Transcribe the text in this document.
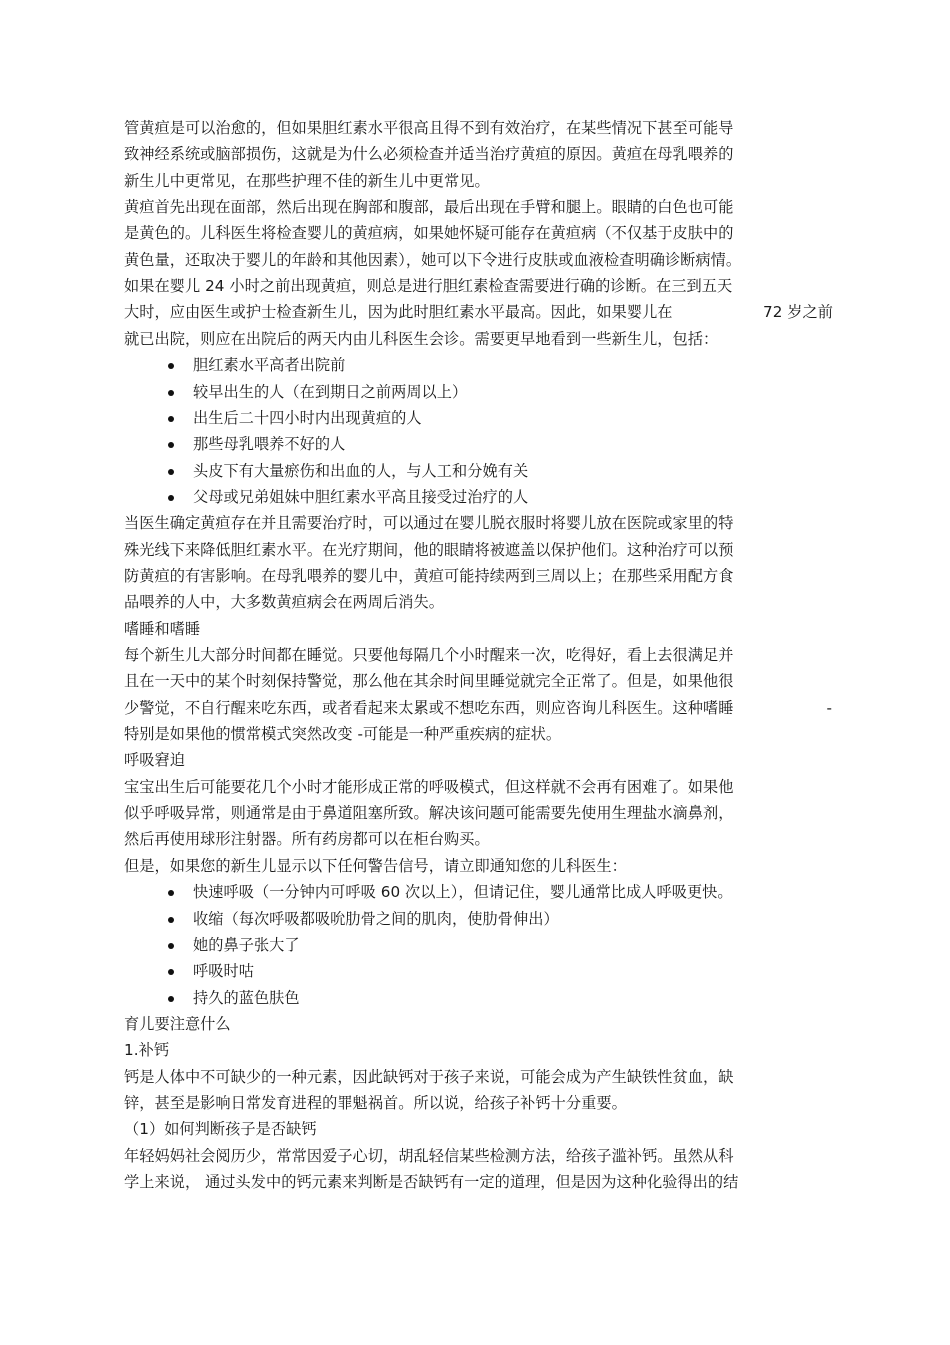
管黄疸是可以治愈的，但如果胆红素水平很高且得不到有效治疗，在某些情况下甚至可能导
致神经系统或脑部损伤，这就是为什么必须检查并适当治疗黄疸的原因。黄疸在母乳喂养的
新生儿中更常见，在那些护理不佳的新生儿中更常见。
黄疸首先出现在面部，然后出现在胸部和腹部，最后出现在手臂和腿上。眼睛的白色也可能
是黄色的。儿科医生将检查婴儿的黄疸病，如果她怀疑可能存在黄疸病（不仅基于皮肤中的
黄色量，还取决于婴儿的年龄和其他因素），她可以下令进行皮肤或血液检查明确诊断病情。
如果在婴儿 24 小时之前出现黄疸，则总是进行胆红素检查需要进行确的诊断。在三到五天
大时，应由医生或护士检查新生儿，因为此时胆红素水平最高。因此，如果婴儿在	72 岁之前
就已出院，则应在出院后的两天内由儿科医生会诊。需要更早地看到一些新生儿，包括：
胆红素水平高者出院前
较早出生的人（在到期日之前两周以上）
出生后二十四小时内出现黄疸的人
那些母乳喂养不好的人
头皮下有大量瘀伤和出血的人，与人工和分娩有关
父母或兄弟姐妹中胆红素水平高且接受过治疗的人
当医生确定黄疸存在并且需要治疗时，可以通过在婴儿脱衣服时将婴儿放在医院或家里的特
殊光线下来降低胆红素水平。在光疗期间，他的眼睛将被遮盖以保护他们。这种治疗可以预
防黄疸的有害影响。在母乳喂养的婴儿中，黄疸可能持续两到三周以上；在那些采用配方食
品喂养的人中，大多数黄疸病会在两周后消失。
嗜睡和嗜睡
每个新生儿大部分时间都在睡觉。只要他每隔几个小时醒来一次，吃得好，看上去很满足并
且在一天中的某个时刻保持警觉，那么他在其余时间里睡觉就完全正常了。但是，如果他很
少警觉，不自行醒来吃东西，或者看起来太累或不想吃东西，则应咨询儿科医生。这种嗜睡	-
特别是如果他的惯常模式突然改变 -可能是一种严重疾病的症状。
呼吸窘迫
宝宝出生后可能要花几个小时才能形成正常的呼吸模式，但这样就不会再有困难了。如果他
似乎呼吸异常，则通常是由于鼻道阻塞所致。解决该问题可能需要先使用生理盐水滴鼻剂，
然后再使用球形注射器。所有药房都可以在柜台购买。
但是，如果您的新生儿显示以下任何警告信号，请立即通知您的儿科医生：
快速呼吸（一分钟内可呼吸 60 次以上），但请记住，婴儿通常比成人呼吸更快。
收缩（每次呼吸都吸吮肋骨之间的肌肉，使肋骨伸出）
她的鼻子张大了
呼吸时咕
持久的蓝色肤色
育儿要注意什么
1.补钙
钙是人体中不可缺少的一种元素，因此缺钙对于孩子来说，可能会成为产生缺铁性贫血，缺
锌，甚至是影响日常发育进程的罪魁祸首。所以说，给孩子补钙十分重要。
（1）如何判断孩子是否缺钙
年轻妈妈社会阅历少，常常因爱子心切，胡乱轻信某些检测方法，给孩子滥补钙。虽然从科
学上来说， 通过头发中的钙元素来判断是否缺钙有一定的道理，但是因为这种化验得出的结
